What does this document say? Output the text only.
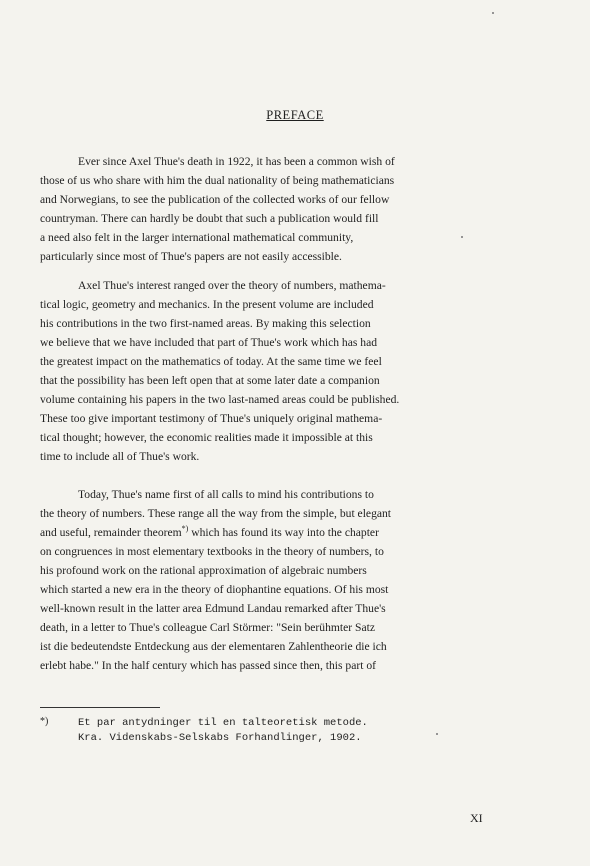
PREFACE
Ever since Axel Thue's death in 1922, it has been a common wish of
those of us who share with him the dual nationality of being mathematicians
and Norwegians, to see the publication of the collected works of our fellow
countryman. There can hardly be doubt that such a publication would fill
a need also felt in the larger international mathematical community,
particularly since most of Thue's papers are not easily accessible.
Axel Thue's interest ranged over the theory of numbers, mathema-
tical logic, geometry and mechanics. In the present volume are included
his contributions in the two first-named areas. By making this selection
we believe that we have included that part of Thue's work which has had
the greatest impact on the mathematics of today. At the same time we feel
that the possibility has been left open that at some later date a companion
volume containing his papers in the two last-named areas could be published.
These too give important testimony of Thue's uniquely original mathema-
tical thought; however, the economic realities made it impossible at this
time to include all of Thue's work.
Today, Thue's name first of all calls to mind his contributions to
the theory of numbers. These range all the way from the simple, but elegant
and useful, remainder theorem*) which has found its way into the chapter
on congruences in most elementary textbooks in the theory of numbers, to
his profound work on the rational approximation of algebraic numbers
which started a new era in the theory of diophantine equations. Of his most
well-known result in the latter area Edmund Landau remarked after Thue's
death, in a letter to Thue's colleague Carl Störmer: "Sein berühmter Satz
ist die bedeutendste Entdeckung aus der elementaren Zahlentheorie die ich
erlebt habe." In the half century which has passed since then, this part of
*)	Et par antydninger til en talteoretisk metode.
Kra. Videnskabs-Selskabs Forhandlinger, 1902.
XI
